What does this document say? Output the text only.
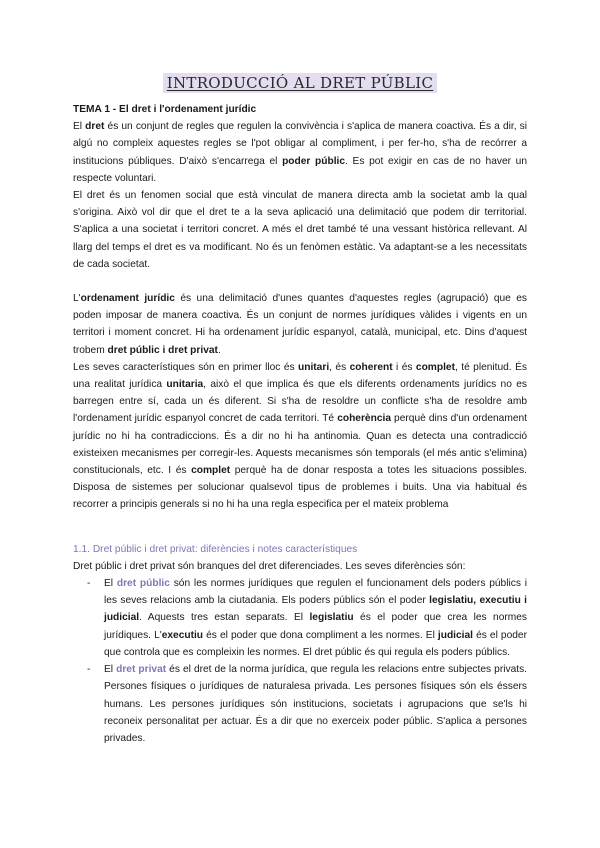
INTRODUCCIÓ AL DRET PÚBLIC

TEMA 1 - El dret i l'ordenament jurídic

El dret és un conjunt de regles que regulen la convivència i s'aplica de manera coactiva. És a dir, si algú no compleix aquestes regles se l'pot obligar al compliment, i per fer-ho, s'ha de recórrer a institucions públiques. D'això s'encarrega el poder públic. Es pot exigir en cas de no haver un respecte voluntari.

El dret és un fenomen social que està vinculat de manera directa amb la societat amb la qual s'origina. Això vol dir que el dret te a la seva aplicació una delimitació que podem dir territorial. S'aplica a una societat i territori concret. A més el dret també té una vessant històrica rellevant. Al llarg del temps el dret es va modificant. No és un fenòmen estàtic. Va adaptant-se a les necessitats de cada societat.

L'ordenament jurídic és una delimitació d'unes quantes d'aquestes regles (agrupació) que es poden imposar de manera coactiva. És un conjunt de normes jurídiques vàlides i vigents en un territori i moment concret. Hi ha ordenament jurídic espanyol, català, municipal, etc. Dins d'aquest trobem dret públic i dret privat.

Les seves característiques són en primer lloc és unitari, és coherent i és complet, té plenitud. És una realitat jurídica unitaria, això el que implica és que els diferents ordenaments jurídics no es barregen entre sí, cada un és diferent. Si s'ha de resoldre un conflicte s'ha de resoldre amb l'ordenament jurídic espanyol concret de cada territori. Té coherència perquè dins d'un ordenament jurídic no hi ha contradiccions. És a dir no hi ha antinomia. Quan es detecta una contradicció existeixen mecanismes per corregir-les. Aquests mecanismes són temporals (el més antic s'elimina) constitucionals, etc. I és complet perquè ha de donar resposta a totes les situacions possibles. Disposa de sistemes per solucionar qualsevol tipus de problemes i buits. Una via habitual és recorrer a principis generals si no hi ha una regla especifica per el mateix problema

1.1. Dret públic i dret privat: diferències i notes característiques

Dret públic i dret privat són branques del dret diferenciades. Les seves diferències són:

- El dret públic són les normes jurídiques que regulen el funcionament dels poders públics i les seves relacions amb la ciutadania. Els poders públics són el poder legislatiu, executiu i judicial. Aquests tres estan separats. El legislatiu és el poder que crea les normes jurídiques. L'executiu és el poder que dona compliment a les normes. El judicial és el poder que controla que es compleixin les normes. El dret públic és qui regula els poders públics.

- El dret privat és el dret de la norma jurídica, que regula les relacions entre subjectes privats. Persones físiques o jurídiques de naturalesa privada. Les persones físiques són els éssers humans. Les persones jurídiques són institucions, societats i agrupacions que se'ls hi reconeix personalitat per actuar. És a dir que no exerceix poder públic. S'aplica a persones privades.
